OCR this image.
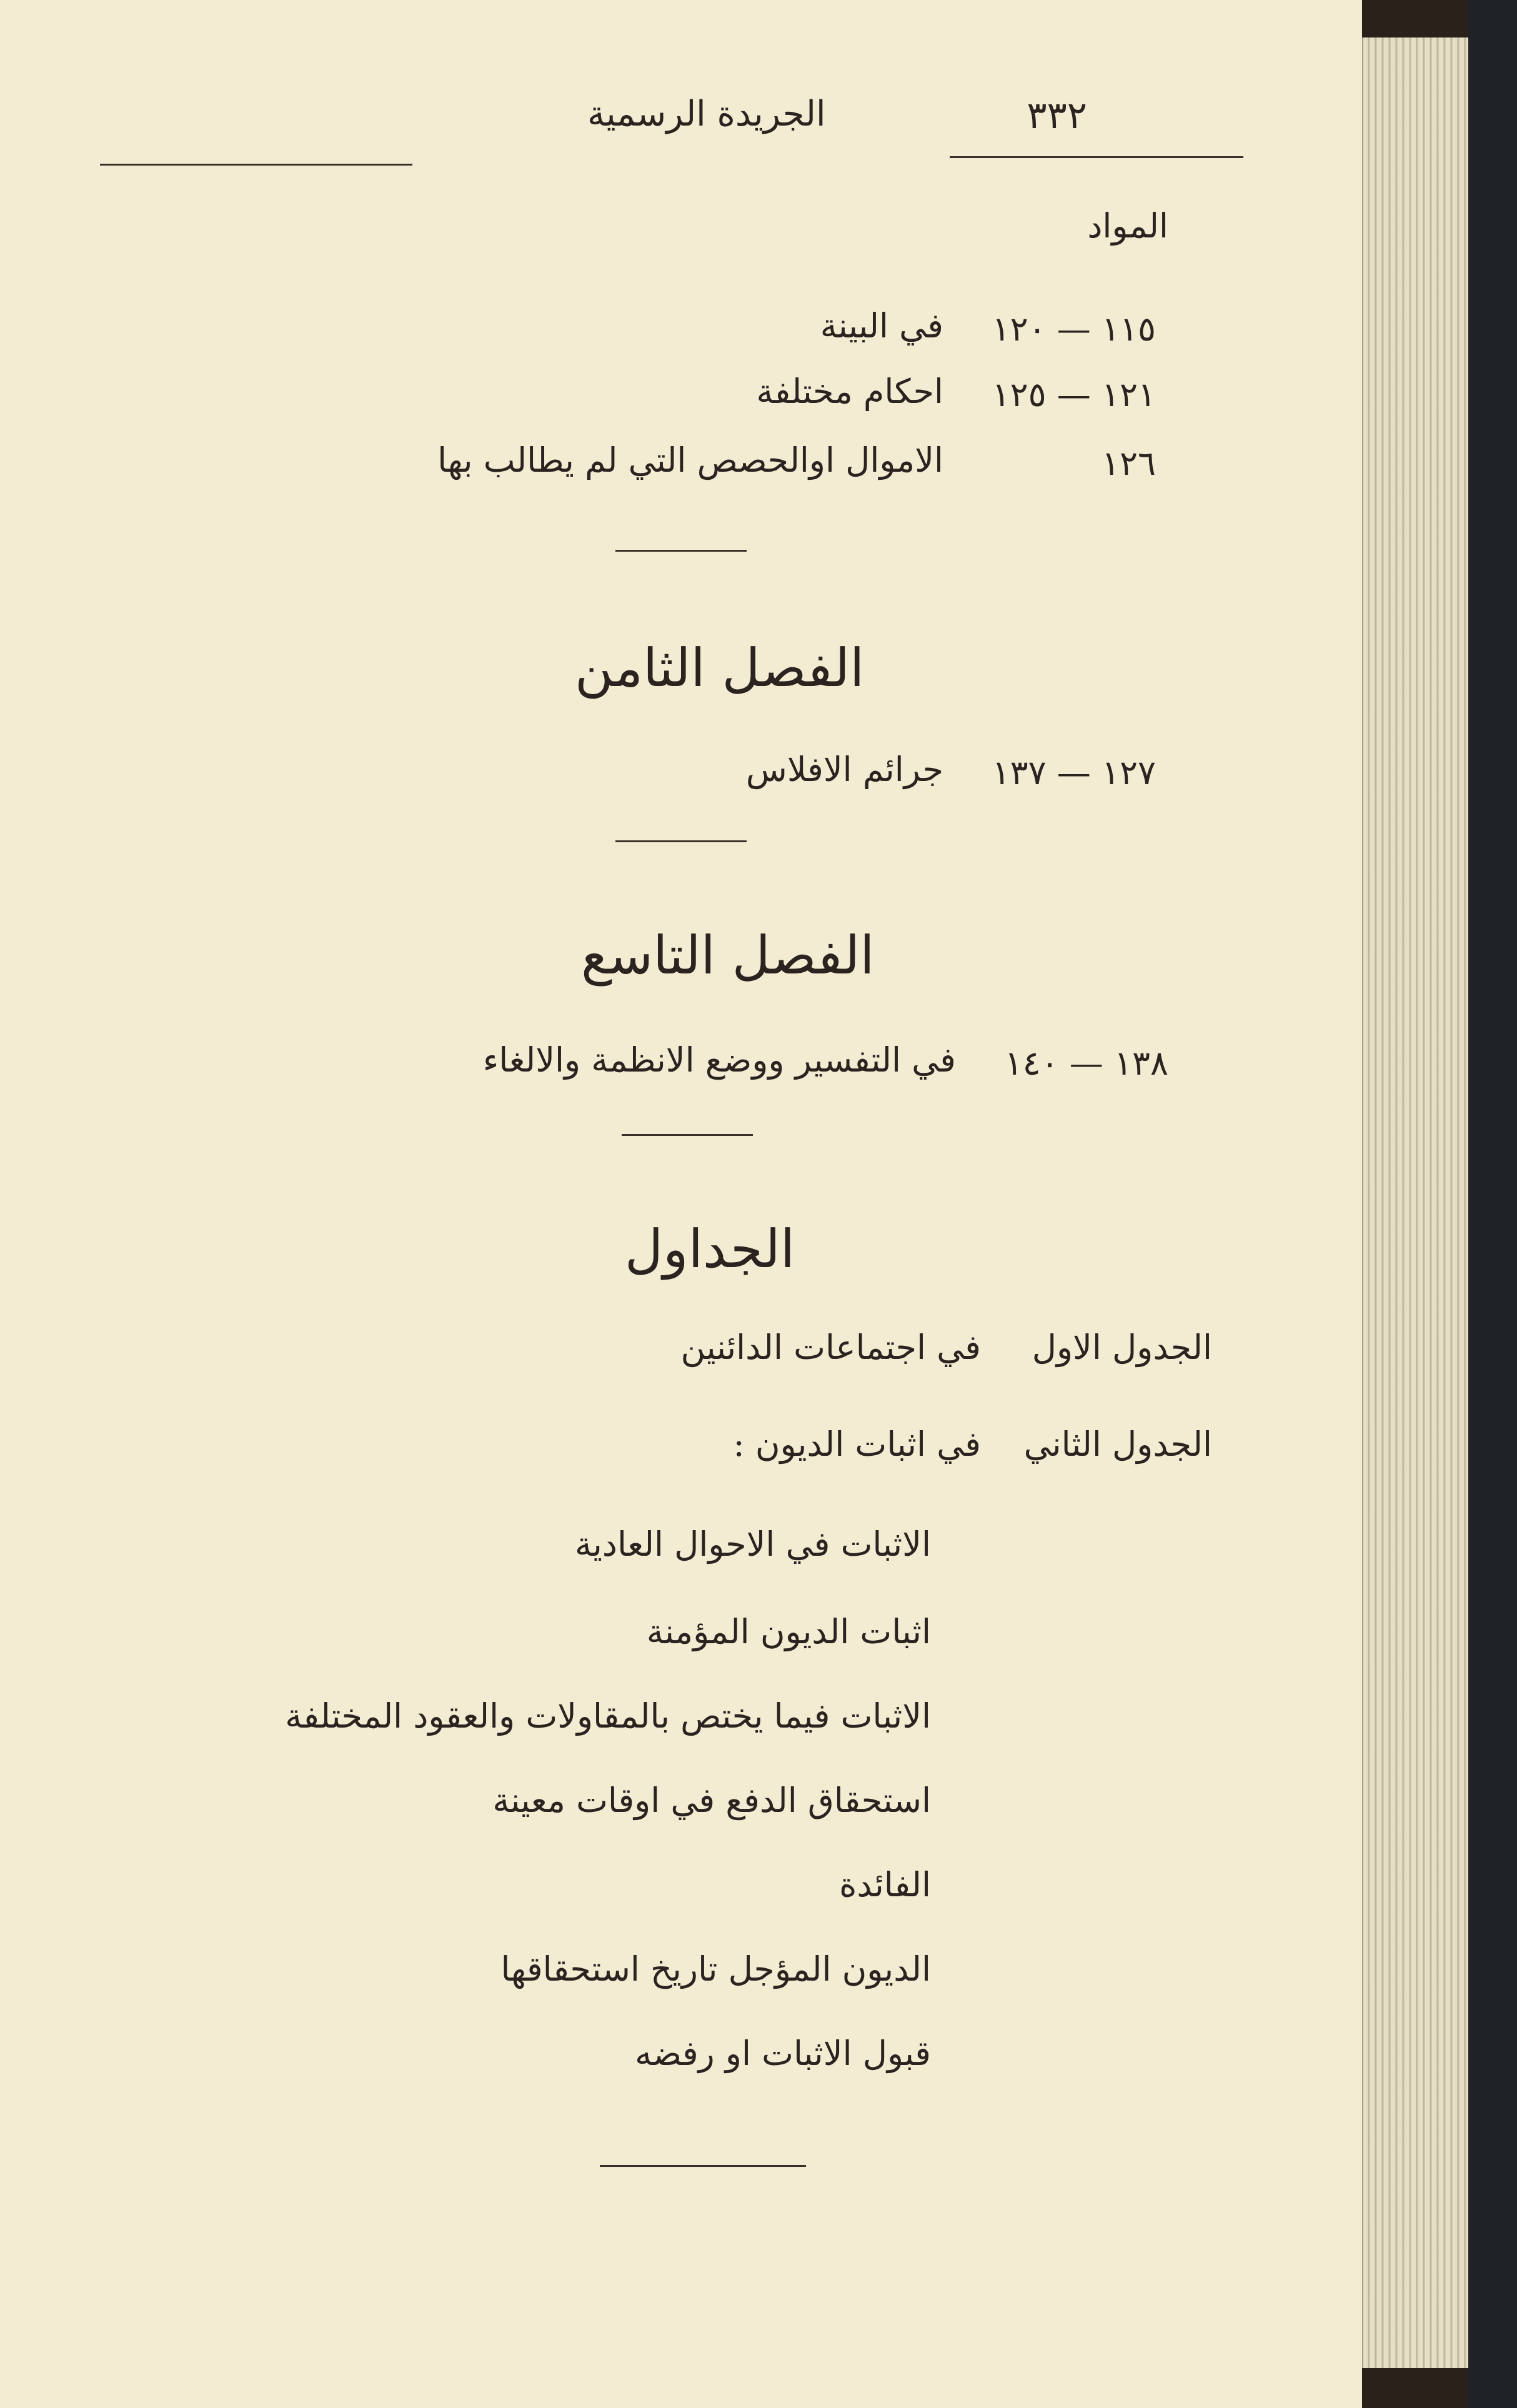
٣٣٢
الجريدة الرسمية
المواد
١١٥ — ١٢٠
في البينة
١٢١ — ١٢٥
احكام مختلفة
١٢٦
الاموال اوالحصص التي لم يطالب بها
الفصل الثامن
١٢٧ — ١٣٧
جرائم الافلاس
الفصل التاسع
١٣٨ — ١٤٠
في التفسير ووضع الانظمة والالغاء
الجداول
الجدول الاول
في اجتماعات الدائنين
الجدول الثاني
في اثبات الديون :
الاثبات في الاحوال العادية
اثبات الديون المؤمنة
الاثبات فيما يختص بالمقاولات والعقود المختلفة
استحقاق الدفع في اوقات معينة
الفائدة
الديون المؤجل تاريخ استحقاقها
قبول الاثبات او رفضه
